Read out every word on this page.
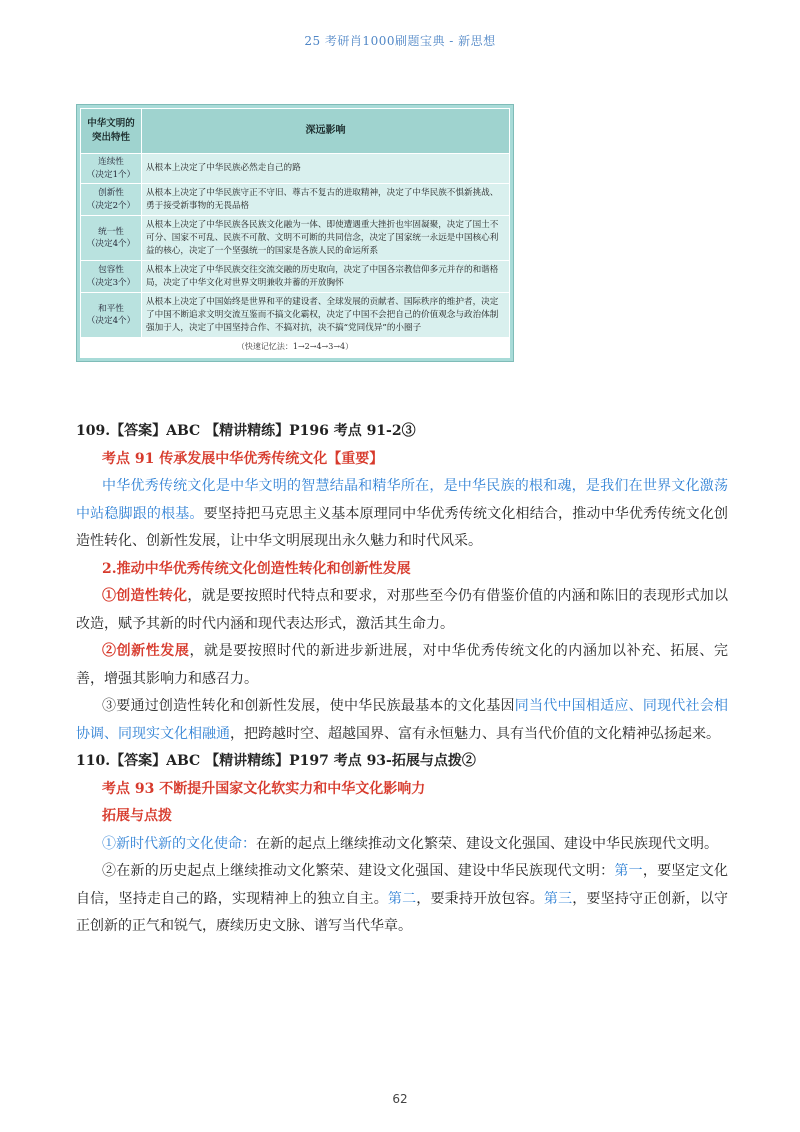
25 考研肖1000刷题宝典 - 新思想
中华文明的突出特性	深远影响
连续性
（决定1个）	从根本上决定了中华民族必然走自己的路
创新性
（决定2个）	从根本上决定了中华民族守正不守旧、尊古不复古的进取精神，决定了中华民族不惧新挑战、勇于接受新事物的无畏品格
统一性
（决定4个）	从根本上决定了中华民族各民族文化融为一体、即使遭遇重大挫折也牢固凝聚，决定了国土不可分、国家不可乱、民族不可散、文明不可断的共同信念，决定了国家统一永远是中国核心利益的核心，决定了一个坚强统一的国家是各族人民的命运所系
包容性
（决定3个）	从根本上决定了中华民族交往交流交融的历史取向，决定了中国各宗教信仰多元并存的和谐格局，决定了中华文化对世界文明兼收并蓄的开放胸怀
和平性
（决定4个）	从根本上决定了中国始终是世界和平的建设者、全球发展的贡献者、国际秩序的维护者，决定了中国不断追求文明交流互鉴而不搞文化霸权，决定了中国不会把自己的价值观念与政治体制强加于人，决定了中国坚持合作、不搞对抗，决不搞“党同伐异”的小圈子
（快速记忆法：1→2→4→3→4）	

109.【答案】ABC 【精讲精练】P196 考点 91-2③

考点 91 传承发展中华优秀传统文化【重要】

中华优秀传统文化是中华文明的智慧结晶和精华所在，是中华民族的根和魂，是我们在世界文化激荡中站稳脚跟的根基。要坚持把马克思主义基本原理同中华优秀传统文化相结合，推动中华优秀传统文化创造性转化、创新性发展，让中华文明展现出永久魅力和时代风采。

2.推动中华优秀传统文化创造性转化和创新性发展

①创造性转化，就是要按照时代特点和要求，对那些至今仍有借鉴价值的内涵和陈旧的表现形式加以改造，赋予其新的时代内涵和现代表达形式，激活其生命力。

②创新性发展，就是要按照时代的新进步新进展，对中华优秀传统文化的内涵加以补充、拓展、完善，增强其影响力和感召力。

③要通过创造性转化和创新性发展，使中华民族最基本的文化基因同当代中国相适应、同现代社会相协调、同现实文化相融通，把跨越时空、超越国界、富有永恒魅力、具有当代价值的文化精神弘扬起来。

110.【答案】ABC 【精讲精练】P197 考点 93-拓展与点拨②

考点 93 不断提升国家文化软实力和中华文化影响力

拓展与点拨

①新时代新的文化使命：在新的起点上继续推动文化繁荣、建设文化强国、建设中华民族现代文明。

②在新的历史起点上继续推动文化繁荣、建设文化强国、建设中华民族现代文明：第一，要坚定文化自信，坚持走自己的路，实现精神上的独立自主。第二，要秉持开放包容。第三，要坚持守正创新，以守正创新的正气和锐气，赓续历史文脉、谱写当代华章。

62
